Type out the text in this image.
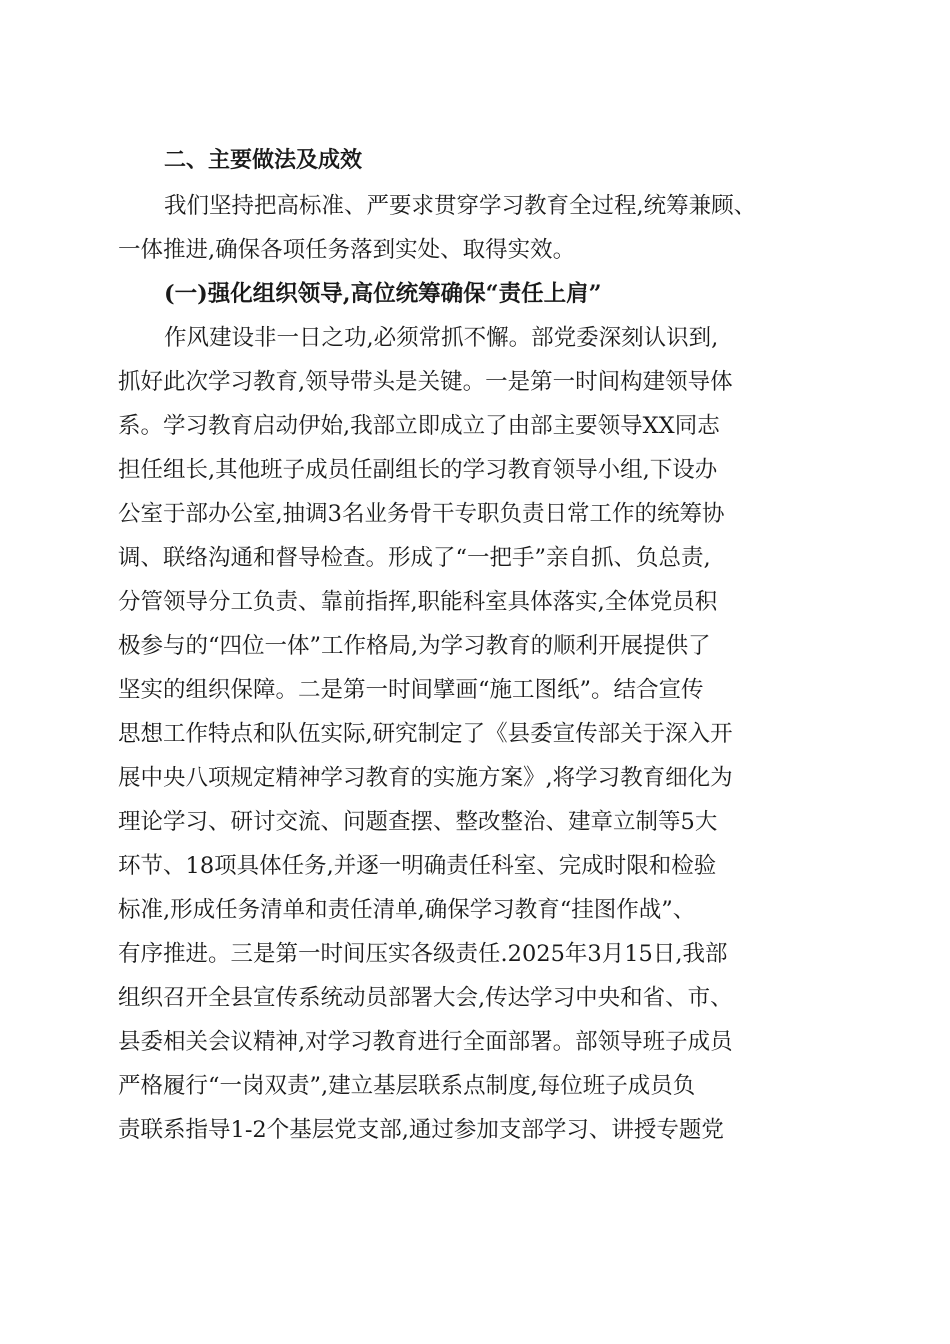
二、主要做法及成效
我们坚持把高标准、严要求贯穿学习教育全过程,统筹兼顾、
一体推进,确保各项任务落到实处、取得实效。
(一)强化组织领导,高位统筹确保“责任上肩”
作风建设非一日之功,必须常抓不懈。部党委深刻认识到,
抓好此次学习教育,领导带头是关键。一是第一时间构建领导体
系。学习教育启动伊始,我部立即成立了由部主要领导XX同志
担任组长,其他班子成员任副组长的学习教育领导小组,下设办
公室于部办公室,抽调3名业务骨干专职负责日常工作的统筹协
调、联络沟通和督导检查。形成了“一把手”亲自抓、负总责,
分管领导分工负责、靠前指挥,职能科室具体落实,全体党员积
极参与的“四位一体”工作格局,为学习教育的顺利开展提供了
坚实的组织保障。二是第一时间擘画“施工图纸”。结合宣传
思想工作特点和队伍实际,研究制定了《县委宣传部关于深入开
展中央八项规定精神学习教育的实施方案》,将学习教育细化为
理论学习、研讨交流、问题查摆、整改整治、建章立制等5大
环节、18项具体任务,并逐一明确责任科室、完成时限和检验
标准,形成任务清单和责任清单,确保学习教育“挂图作战”、
有序推进。三是第一时间压实各级责任.2025年3月15日,我部
组织召开全县宣传系统动员部署大会,传达学习中央和省、市、
县委相关会议精神,对学习教育进行全面部署。部领导班子成员
严格履行“一岗双责”,建立基层联系点制度,每位班子成员负
责联系指导1-2个基层党支部,通过参加支部学习、讲授专题党
